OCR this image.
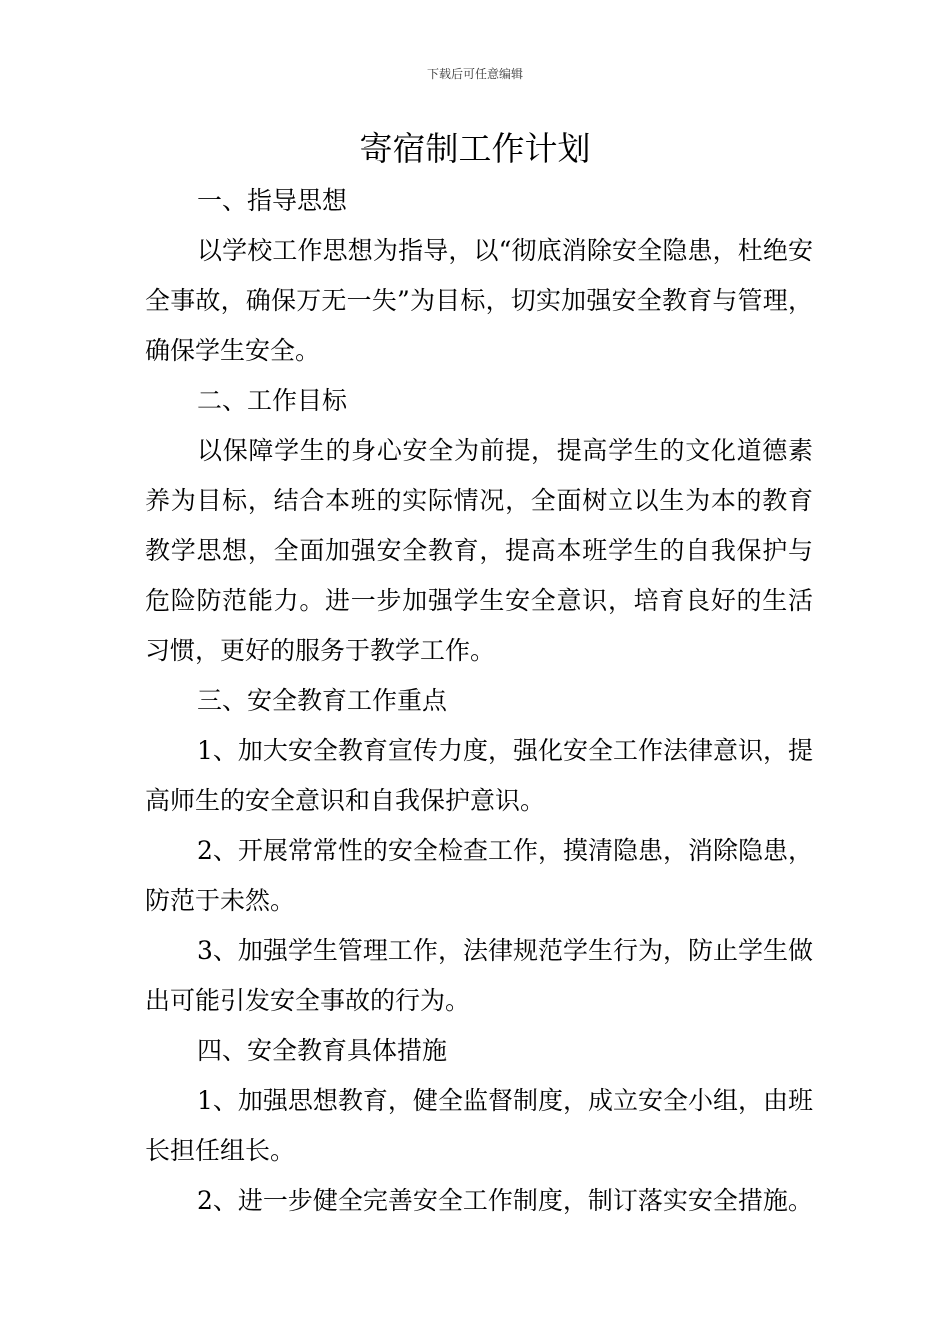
下载后可任意编辑
寄宿制工作计划

一、指导思想

以学校工作思想为指导，以“彻底消除安全隐患，杜绝安全事故，确保万无一失”为目标，切实加强安全教育与管理，确保学生安全。

二、工作目标

以保障学生的身心安全为前提，提高学生的文化道德素养为目标，结合本班的实际情况，全面树立以生为本的教育教学思想，全面加强安全教育，提高本班学生的自我保护与危险防范能力。进一步加强学生安全意识，培育良好的生活习惯，更好的服务于教学工作。

三、安全教育工作重点

1、加大安全教育宣传力度，强化安全工作法律意识，提高师生的安全意识和自我保护意识。

2、开展常常性的安全检查工作，摸清隐患，消除隐患，防范于未然。

3、加强学生管理工作，法律规范学生行为，防止学生做出可能引发安全事故的行为。

四、安全教育具体措施

1、加强思想教育，健全监督制度，成立安全小组，由班长担任组长。

2、进一步健全完善安全工作制度，制订落实安全措施。
